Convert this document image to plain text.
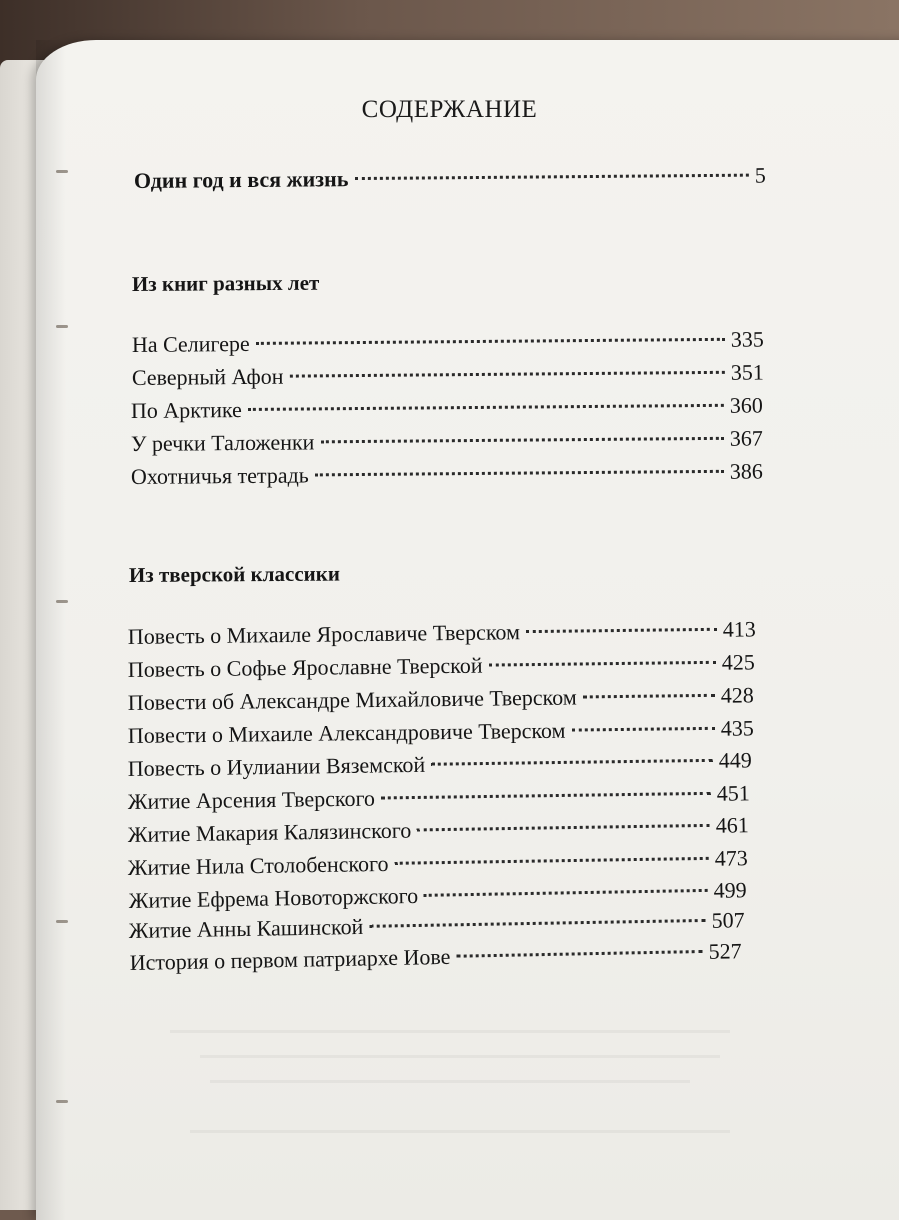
СОДЕРЖАНИЕ
Один год и вся жизнь	5
Из книг разных лет
На Селигере	335
Северный Афон	351
По Арктике	360
У речки Таложенки	367
Охотничья тетрадь	386
Из тверской классики
Повесть о Михаиле Ярославиче Тверском	413
Повесть о Софье Ярославне Тверской	425
Повести об Александре Михайловиче Тверском	428
Повести о Михаиле Александровиче Тверском	435
Повесть о Иулиании Вяземской	449
Житие Арсения Тверского	451
Житие Макария Калязинского	461
Житие Нила Столобенского	473
Житие Ефрема Новоторжского	499
Житие Анны Кашинской	507
История о первом патриархе Иове	527
